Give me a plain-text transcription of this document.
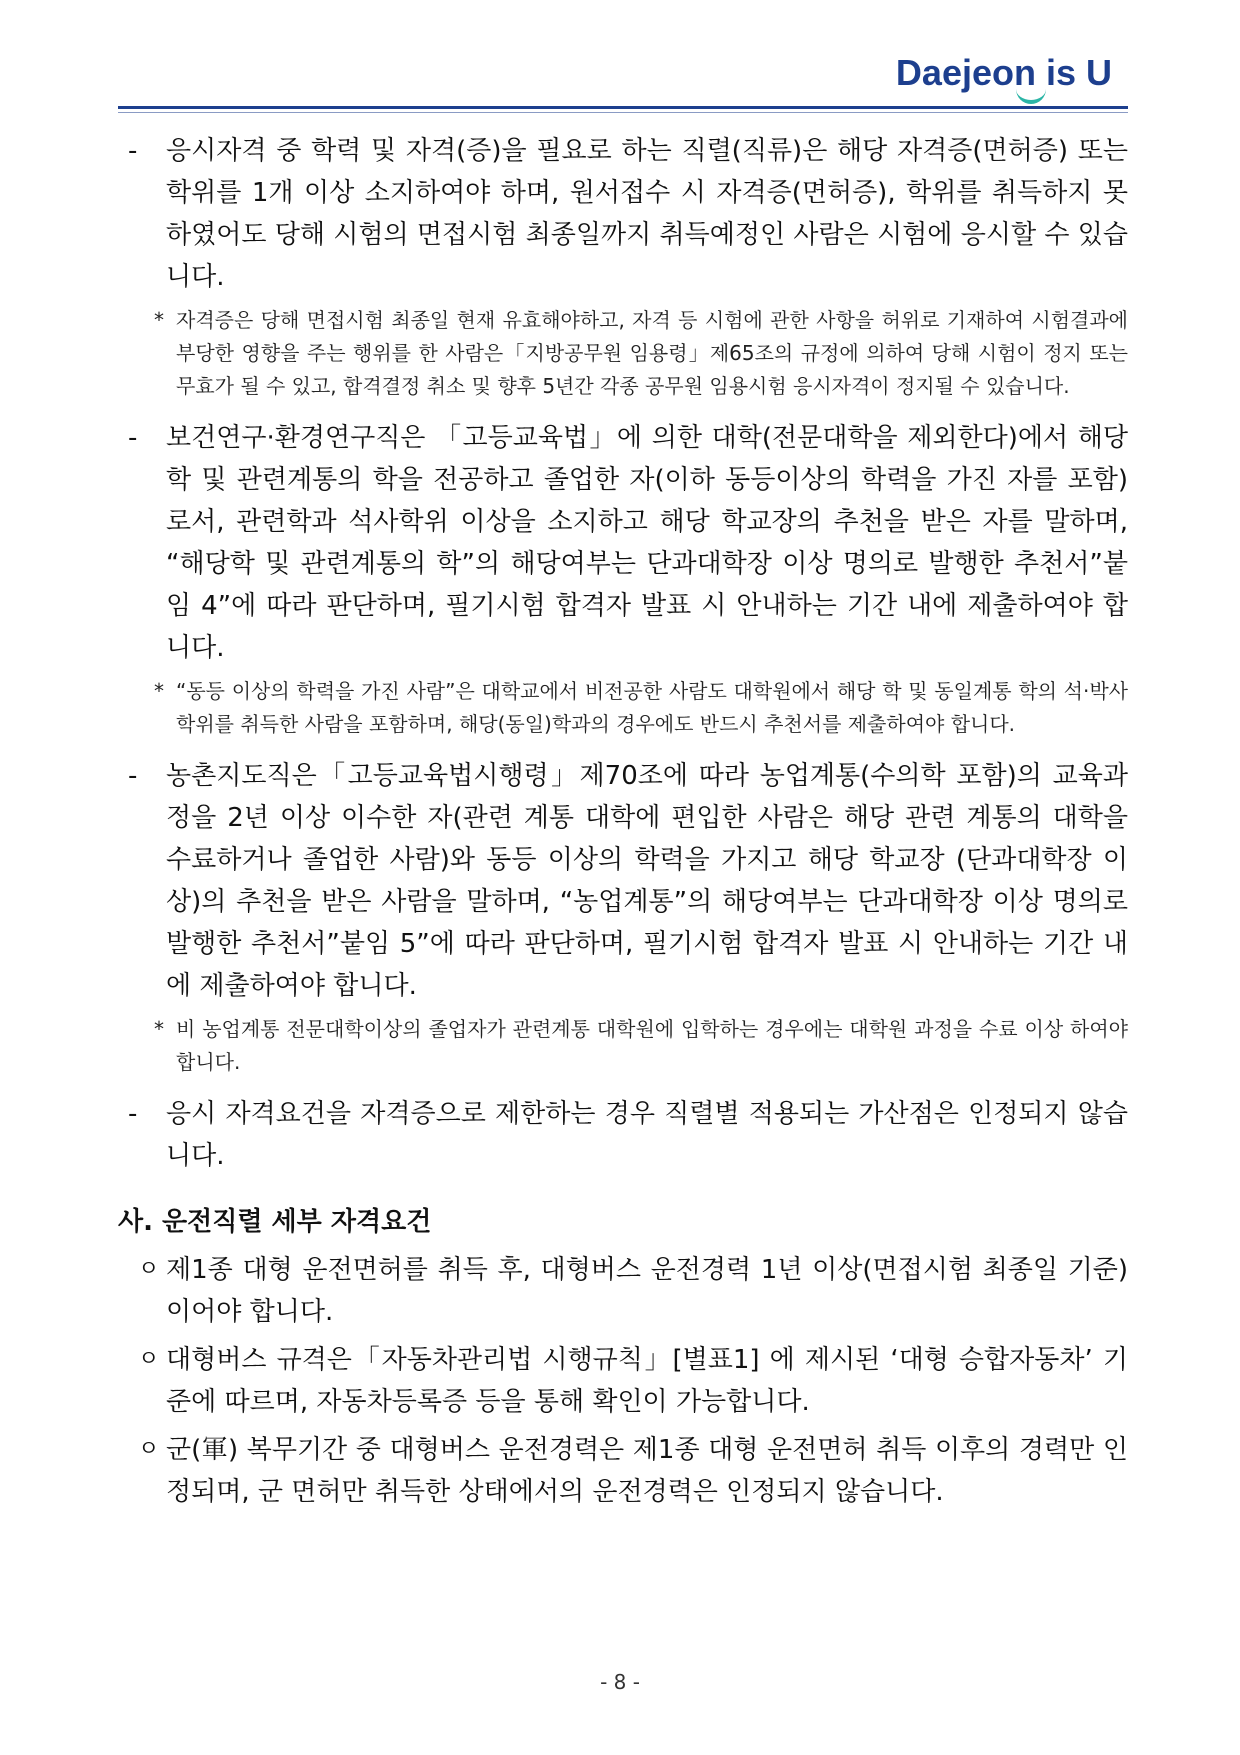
Daejeon is U
- 응시자격 중 학력 및 자격(증)을 필요로 하는 직렬(직류)은 해당 자격증(면허증) 또는 학위를 1개 이상 소지하여야 하며, 원서접수 시 자격증(면허증), 학위를 취득하지 못하였어도 당해 시험의 면접시험 최종일까지 취득예정인 사람은 시험에 응시할 수 있습니다.
* 자격증은 당해 면접시험 최종일 현재 유효해야하고, 자격 등 시험에 관한 사항을 허위로 기재하여 시험결과에 부당한 영향을 주는 행위를 한 사람은「지방공무원 임용령」제65조의 규정에 의하여 당해 시험이 정지 또는 무효가 될 수 있고, 합격결정 취소 및 향후 5년간 각종 공무원 임용시험 응시자격이 정지될 수 있습니다.
- 보건연구·환경연구직은 「고등교육법」에 의한 대학(전문대학을 제외한다)에서 해당학 및 관련계통의 학을 전공하고 졸업한 자(이하 동등이상의 학력을 가진 자를 포함)로서, 관련학과 석사학위 이상을 소지하고 해당 학교장의 추천을 받은 자를 말하며, “해당학 및 관련계통의 학”의 해당여부는 단과대학장 이상 명의로 발행한 추천서”붙임 4”에 따라 판단하며, 필기시험 합격자 발표 시 안내하는 기간 내에 제출하여야 합니다.
* “동등 이상의 학력을 가진 사람”은 대학교에서 비전공한 사람도 대학원에서 해당 학 및 동일계통 학의 석·박사 학위를 취득한 사람을 포함하며, 해당(동일)학과의 경우에도 반드시 추천서를 제출하여야 합니다.
- 농촌지도직은「고등교육법시행령」제70조에 따라 농업계통(수의학 포함)의 교육과정을 2년 이상 이수한 자(관련 계통 대학에 편입한 사람은 해당 관련 계통의 대학을 수료하거나 졸업한 사람)와 동등 이상의 학력을 가지고 해당 학교장 (단과대학장 이상)의 추천을 받은 사람을 말하며, “농업계통”의 해당여부는 단과대학장 이상 명의로 발행한 추천서”붙임 5”에 따라 판단하며, 필기시험 합격자 발표 시 안내하는 기간 내에 제출하여야 합니다.
* 비 농업계통 전문대학이상의 졸업자가 관련계통 대학원에 입학하는 경우에는 대학원 과정을 수료 이상 하여야 합니다.
- 응시 자격요건을 자격증으로 제한하는 경우 직렬별 적용되는 가산점은 인정되지 않습니다.
사. 운전직렬 세부 자격요건
ㅇ 제1종 대형 운전면허를 취득 후, 대형버스 운전경력 1년 이상(면접시험 최종일 기준)이어야 합니다.
ㅇ 대형버스 규격은「자동차관리법 시행규칙」[별표1] 에 제시된 ‘대형 승합자동차’ 기준에 따르며, 자동차등록증 등을 통해 확인이 가능합니다.
ㅇ 군(軍) 복무기간 중 대형버스 운전경력은 제1종 대형 운전면허 취득 이후의 경력만 인정되며, 군 면허만 취득한 상태에서의 운전경력은 인정되지 않습니다.
- 8 -
